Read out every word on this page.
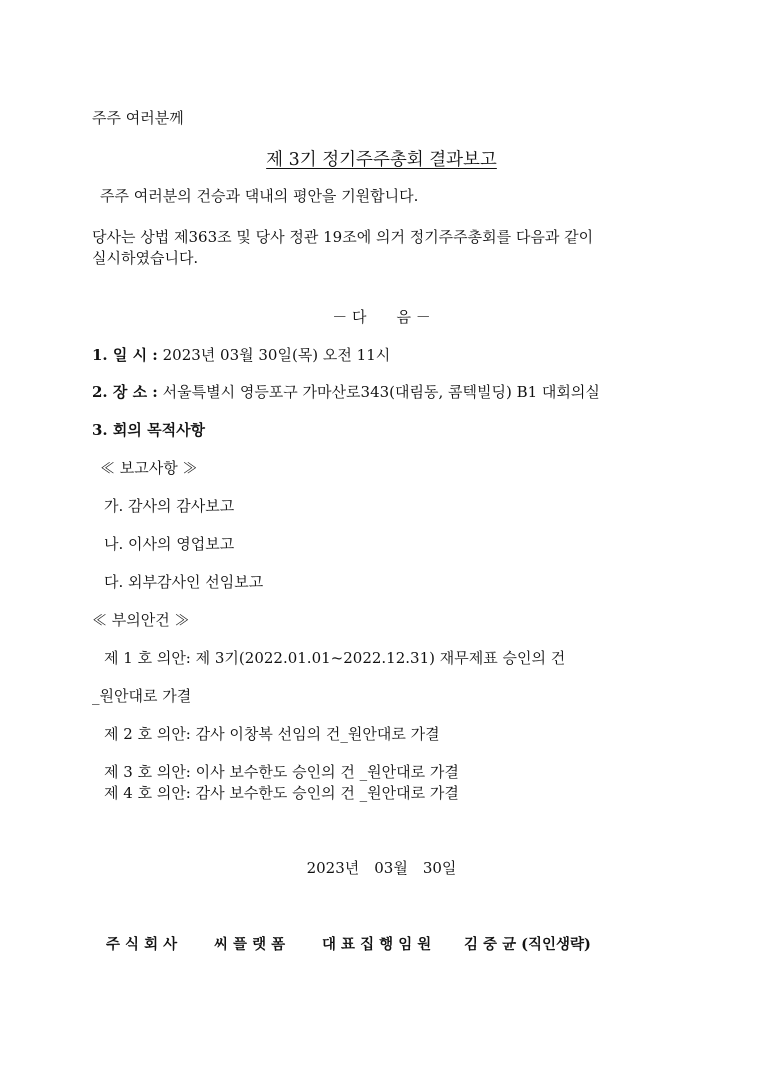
주주 여러분께
제 3기 정기주주총회 결과보고
주주 여러분의 건승과 댁내의 평안을 기원합니다.
당사는 상법 제363조 및 당사 정관 19조에 의거 정기주주총회를 다음과 같이
실시하였습니다.
－ 다　　음 －
1. 일 시 : 2023년 03월 30일(목) 오전 11시
2. 장 소 : 서울특별시 영등포구 가마산로343(대림동, 콤텍빌딩) B1 대회의실
3. 회의 목적사항
≪ 보고사항 ≫
가. 감사의 감사보고
나. 이사의 영업보고
다. 외부감사인 선임보고
≪ 부의안건 ≫
제 1 호 의안: 제 3기(2022.01.01~2022.12.31) 재무제표 승인의 건
_원안대로 가결
제 2 호 의안: 감사 이창복 선임의 건_원안대로 가결
제 3 호 의안: 이사 보수한도 승인의 건 _원안대로 가결
제 4 호 의안: 감사 보수한도 승인의 건 _원안대로 가결
2023년　03월　30일
주 식 회 사	씨 플 랫 폼	대 표 집 행 임 원 김 중 균 (직인생략)
